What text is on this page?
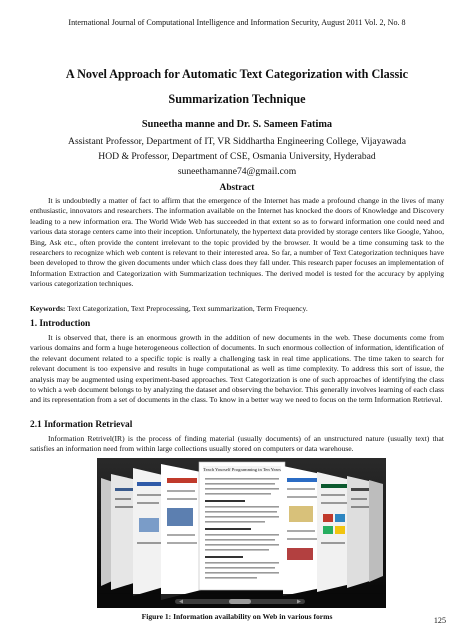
International Journal of Computational Intelligence and Information Security, August 2011 Vol. 2, No. 8
A Novel Approach for Automatic Text Categorization with Classic
Summarization Technique
Suneetha manne and Dr. S. Sameen Fatima
Assistant Professor, Department of IT, VR Siddhartha Engineering College, Vijayawada
HOD & Professor, Department of CSE, Osmania University, Hyderabad
suneethamanne74@gmail.com
Abstract

It is undoubtedly a matter of fact to affirm that the emergence of the Internet has made a profound change in the lives of many enthusiastic, innovators and researchers. The information available on the Internet has knocked the doors of Knowledge and Discovery leading to a new information era. The World Wide Web has succeeded in that extent so as to forward information one could need and various data storage centers came into their inception. Unfortunately, the hypertext data provided by storage centers like Google, Yahoo, Bing, Ask etc., often provide the content irrelevant to the topic provided by the browser. It would be a time consuming task to the researchers to recognize which web content is relevant to their interested area. So far, a number of Text Categorization techniques have been developed to throw the given documents under which class does they fall under. This research paper focuses an implementation of Information Extraction and Categorization with Summarization techniques. The derived model is tested for the accuracy by applying various categorization techniques.

Keywords: Text Categorization, Text Preprocessing, Text summarization, Term Frequency.
1. Introduction

It is observed that, there is an enormous growth in the addition of new documents in the web. These documents come from various domains and form a huge heterogeneous collection of documents. In such enormous collection of information, identification of the relevant document related to a specific topic is really a challenging task in real time applications. The time taken to search for relevant document is too expensive and results in huge computational as well as time complexity. To address this sort of issue, the analysis may be augmented using experiment-based approaches. Text Categorization is one of such approaches of identifying the class to which a web document belongs to by analyzing the dataset and observing the behavior. This generally involves learning of each class and its representation from a set of documents in the class. To know in a better way we need to focus on the term Information Retrieval.

2.1 Information Retrieval

Information Retrivel(IR) is the process of finding material (usually documents) of an unstructured nature (usually text) that satisfies an information need from within large collections usually stored on computers or data warehouse.

Teach Yourself Programming in Ten Years
Figure 1: Information availability on Web in various forms	125
